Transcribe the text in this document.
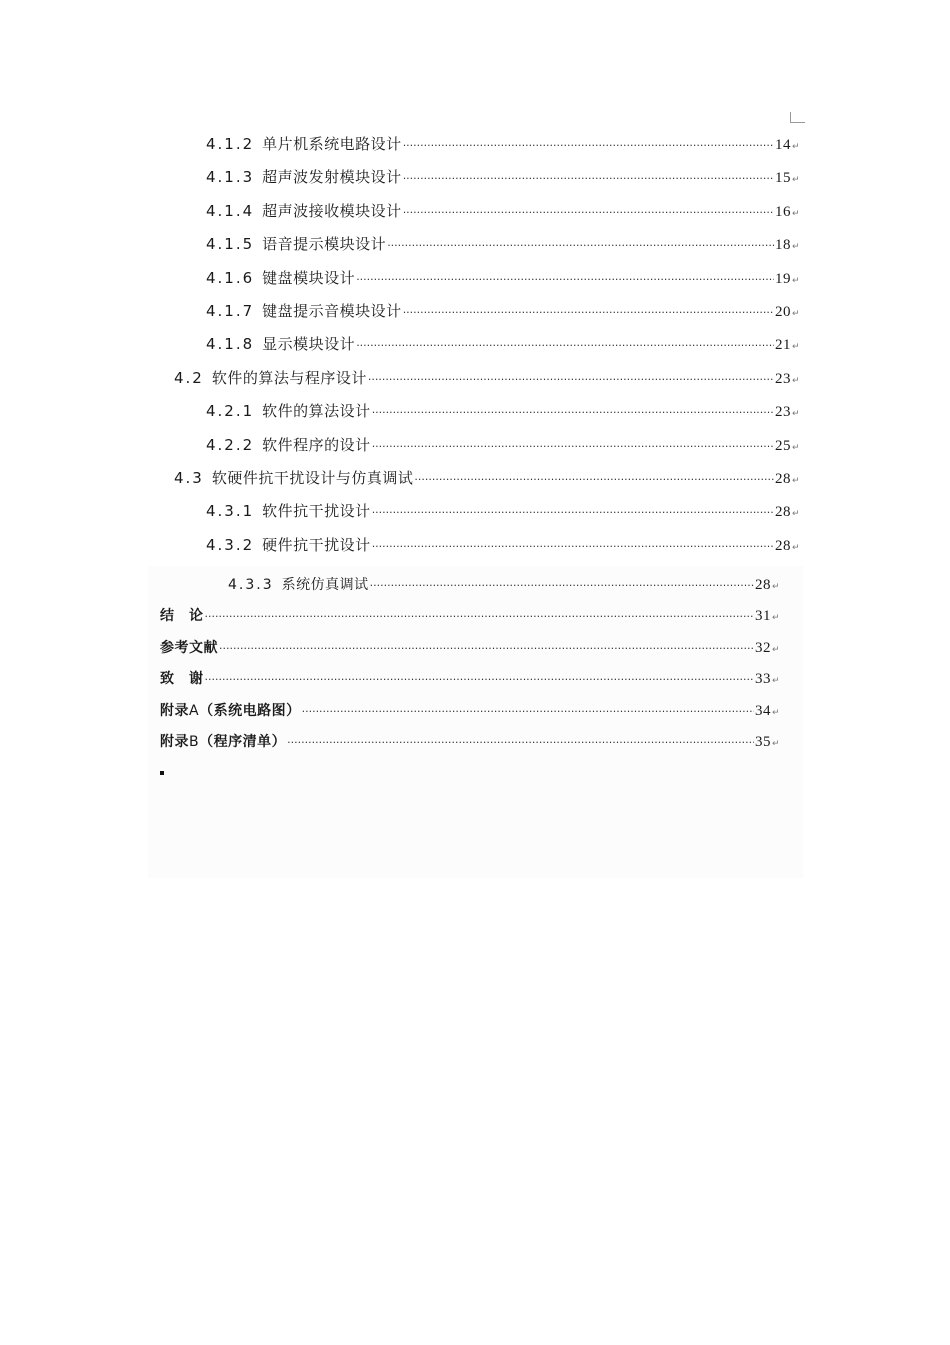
4.1.2 单片机系统电路设计 ·····	14 ↵
4.1.3 超声波发射模块设计 ·····	15 ↵
4.1.4 超声波接收模块设计 ·····	16 ↵
4.1.5 语音提示模块设计 ·····	18 ↵
4.1.6 键盘模块设计 ·····	19 ↵
4.1.7 键盘提示音模块设计 ·····	20 ↵
4.1.8 显示模块设计 ·····	21 ↵
4.2 软件的算法与程序设计 ·····	23 ↵
4.2.1 软件的算法设计 ·····	23 ↵
4.2.2 软件程序的设计 ·····	25 ↵
4.3 软硬件抗干扰设计与仿真调试 ·····	28 ↵
4.3.1 软件抗干扰设计 ·····	28 ↵
4.3.2 硬件抗干扰设计 ·····	28 ↵
4.3.3 系统仿真调试 ·····	28 ↵
结　论 ·····	31 ↵
参考文献 ·····	32 ↵
致　谢 ·····	33 ↵
附录 A （系统电路图） ·····	34 ↵
附录 B （程序清单） ·····	35 ↵
